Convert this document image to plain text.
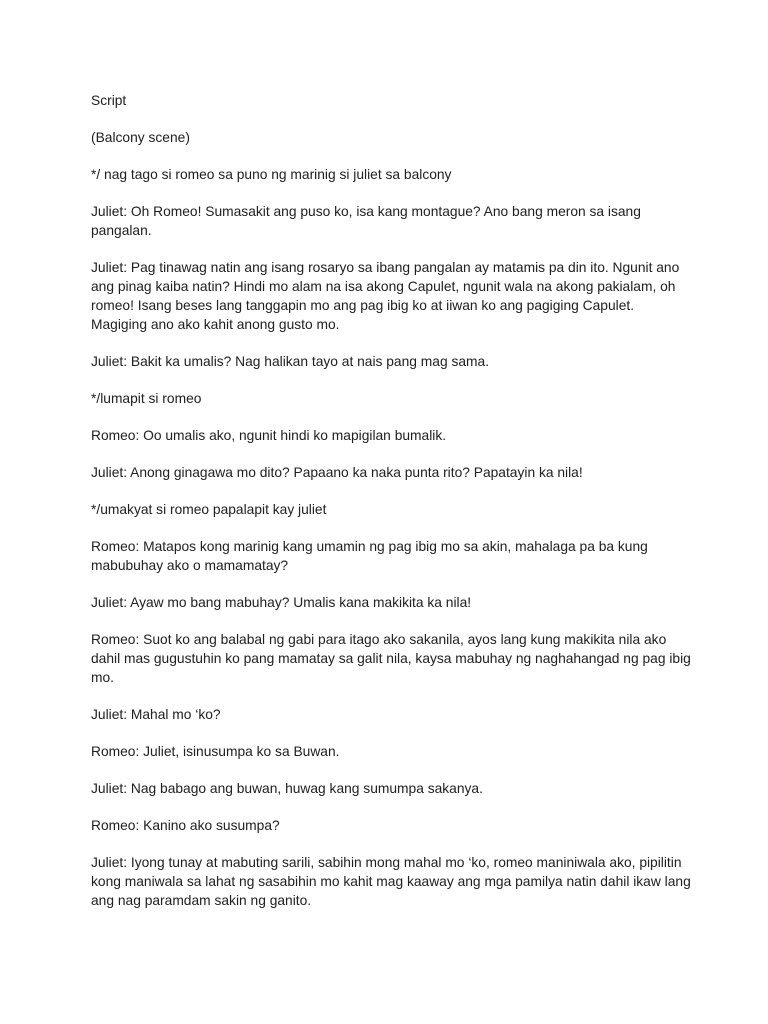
Script

(Balcony scene)

*/ nag tago si romeo sa puno ng marinig si juliet sa balcony

Juliet: Oh Romeo! Sumasakit ang puso ko, isa kang montague? Ano bang meron sa isang pangalan.

Juliet: Pag tinawag natin ang isang rosaryo sa ibang pangalan ay matamis pa din ito. Ngunit ano ang pinag kaiba natin? Hindi mo alam na isa akong Capulet, ngunit wala na akong pakialam, oh romeo! Isang beses lang tanggapin mo ang pag ibig ko at iiwan ko ang pagiging Capulet. Magiging ano ako kahit anong gusto mo.

Juliet: Bakit ka umalis? Nag halikan tayo at nais pang mag sama.

*/lumapit si romeo

Romeo: Oo umalis ako, ngunit hindi ko mapigilan bumalik.

Juliet: Anong ginagawa mo dito? Papaano ka naka punta rito? Papatayin ka nila!

*/umakyat si romeo papalapit kay juliet

Romeo: Matapos kong marinig kang umamin ng pag ibig mo sa akin, mahalaga pa ba kung mabubuhay ako o mamamatay?

Juliet: Ayaw mo bang mabuhay? Umalis kana makikita ka nila!

Romeo: Suot ko ang balabal ng gabi para itago ako sakanila, ayos lang kung makikita nila ako dahil mas gugustuhin ko pang mamatay sa galit nila, kaysa mabuhay ng naghahangad ng pag ibig mo.

Juliet: Mahal mo ‘ko?

Romeo: Juliet, isinusumpa ko sa Buwan.

Juliet: Nag babago ang buwan, huwag kang sumumpa sakanya.

Romeo: Kanino ako susumpa?

Juliet: Iyong tunay at mabuting sarili, sabihin mong mahal mo ‘ko, romeo maniniwala ako, pipilitin kong maniwala sa lahat ng sasabihin mo kahit mag kaaway ang mga pamilya natin dahil ikaw lang ang nag paramdam sakin ng ganito.
